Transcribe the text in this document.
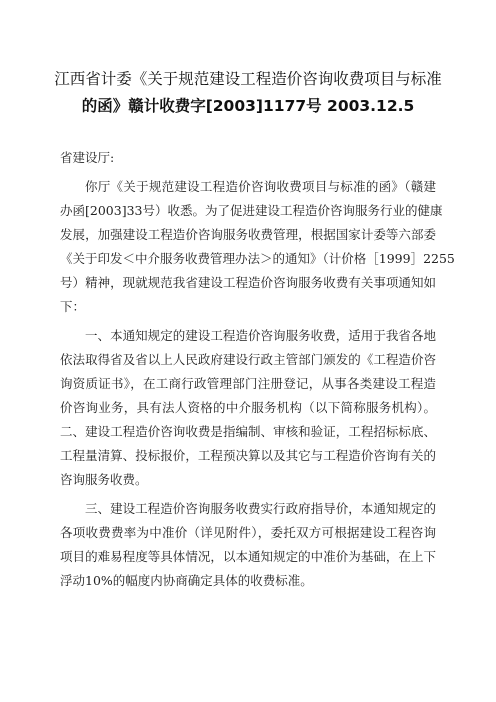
江西省计委《关于规范建设工程造价咨询收费项目与标准
的函》赣计收费字[2003]1177号 2003.12.5
省建设厅:
你厅《关于规范建设工程造价咨询收费项目与标准的函》（赣建
办函[2003]33号）收悉。为了促进建设工程造价咨询服务行业的健康
发展，加强建设工程造价咨询服务收费管理，根据国家计委等六部委
《关于印发＜中介服务收费管理办法＞的通知》（计价格［1999］2255
号）精神，现就规范我省建设工程造价咨询服务收费有关事项通知如
下：
一、本通知规定的建设工程造价咨询服务收费，适用于我省各地
依法取得省及省以上人民政府建设行政主管部门颁发的《工程造价咨
询资质证书》，在工商行政管理部门注册登记，从事各类建设工程造
价咨询业务，具有法人资格的中介服务机构（以下简称服务机构）。
二、建设工程造价咨询收费是指编制、审核和验证，工程招标标底、
工程量清算、投标报价，工程预决算以及其它与工程造价咨询有关的
咨询服务收费。
三、建设工程造价咨询服务收费实行政府指导价，本通知规定的
各项收费费率为中准价（详见附件），委托双方可根据建设工程咨询
项目的难易程度等具体情况，以本通知规定的中准价为基础，在上下
浮动10%的幅度内协商确定具体的收费标准。
